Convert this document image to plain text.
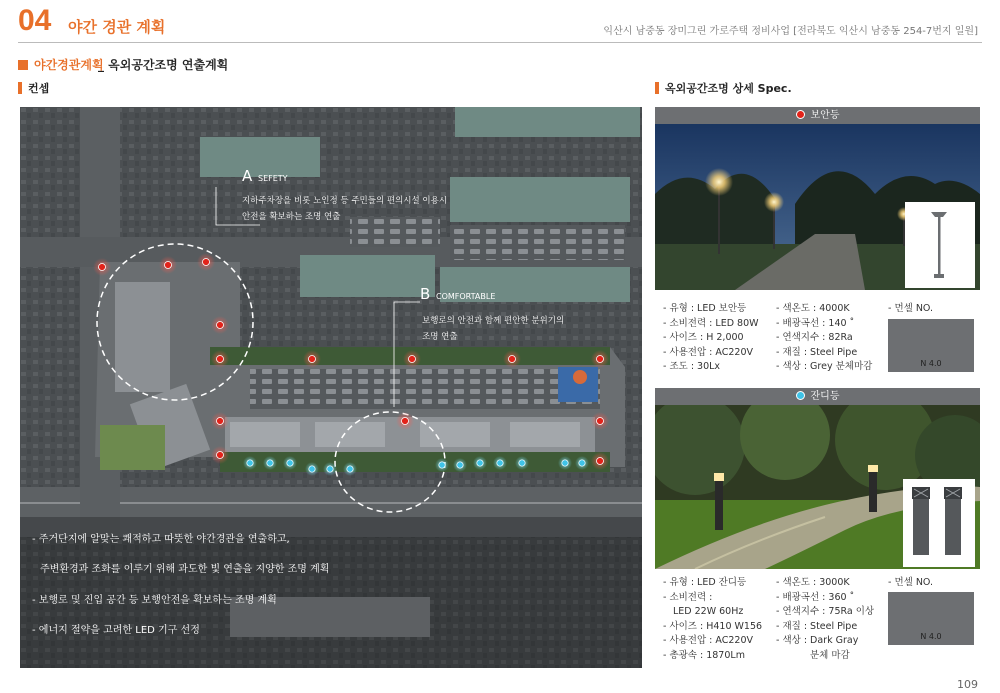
04 야간 경관 계획	익산시 남중동 장미그린 가로주택 정비사업 [전라북도 익산시 남중동 254-7번지 일원]
야간경관계획
_ 옥외공간조명 연출계획
컨셉	옥외공간조명 상세 Spec.
A SEFETY
지하주차장을 비롯 노인정 등 주민들의 편의시설 이용시
안전을 확보하는 조명 연출
B COMFORTABLE
보행로의 안전과 함께 편안한 분위기의
조명 연출
- 주거단지에 알맞는 쾌적하고 따뜻한 야간경관을 연출하고,
주변환경과 조화를 이루기 위해 과도한 빛 연출을 지양한 조명 계획
- 보행로 및 진입 공간 등 보행안전을 확보하는 조명 계획
- 에너지 절약을 고려한 LED 기구 선정
보안등
- 유형 : LED 보안등
- 소비전력 : LED 80W
- 사이즈 : H 2,000
- 사용전압 : AC220V
- 조도 : 30Lx
- 색온도 : 4000K
- 배광곡선 : 140 ˚
- 연색지수 : 82Ra
- 재질 : Steel Pipe
- 색상 : Grey 분체마감
- 먼셀 NO.
N 4.0
잔디등
- 유형 : LED 잔디등
- 소비전력 :
LED 22W 60Hz
- 사이즈 : H410 W156
- 사용전압 : AC220V
- 총광속 : 1870Lm
- 색온도 : 3000K
- 배광곡선 : 360 ˚
- 연색지수 : 75Ra 이상
- 재질 : Steel Pipe
- 색상 : Dark Gray
분체 마감
- 먼셀 NO.
N 4.0
109
